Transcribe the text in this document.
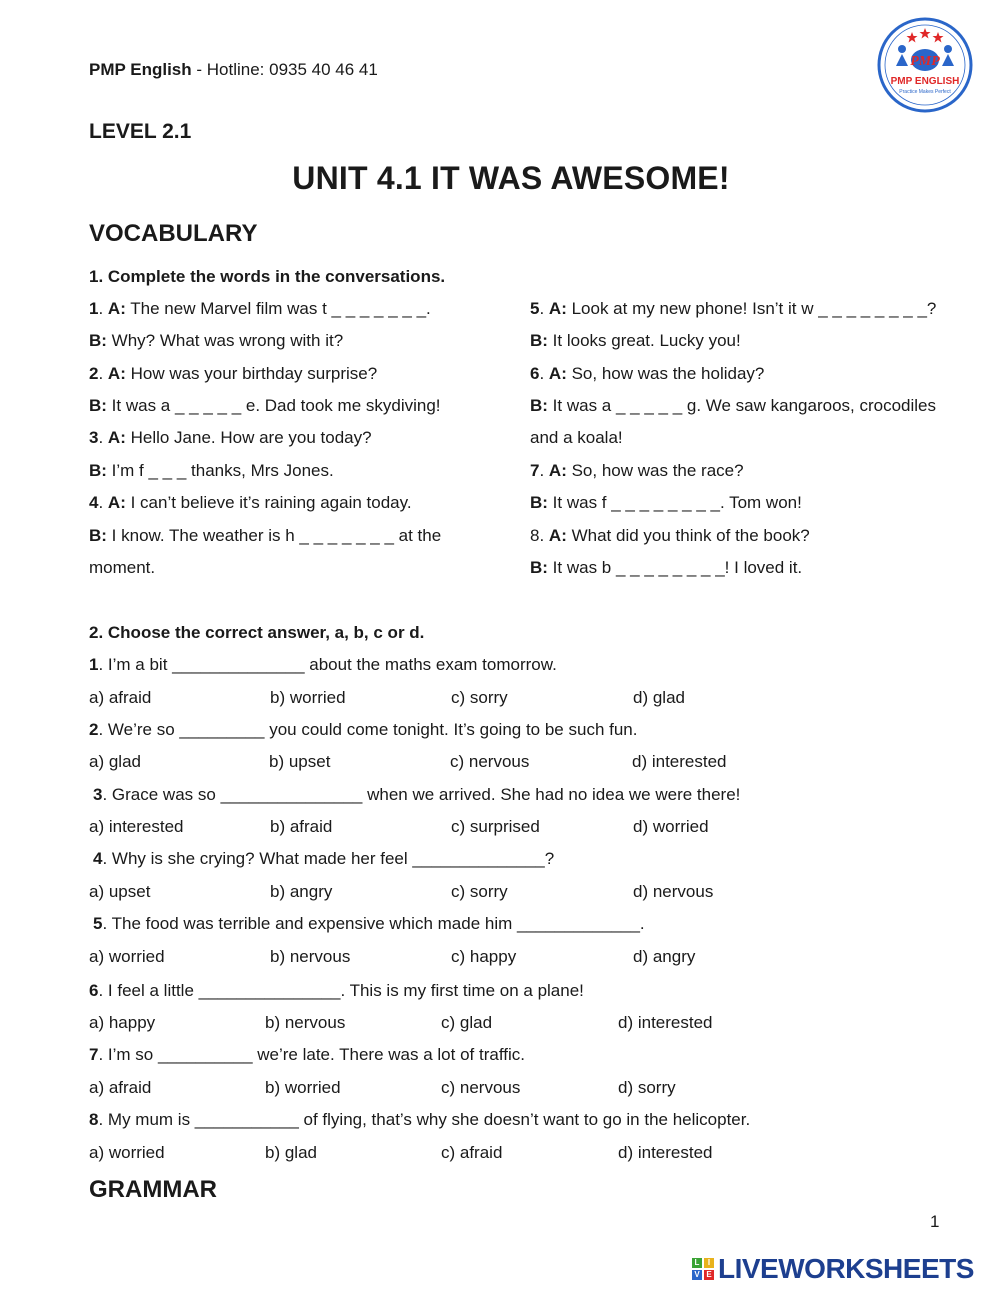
PMP English - Hotline: 0935 40 46 41	PMP
PMP ENGLISH
Practice Makes Perfect
LEVEL 2.1
UNIT 4.1 IT WAS AWESOME!
VOCABULARY
1. Complete the words in the conversations.
1. A: The new Marvel film was t _ _ _ _ _ _ _.
B: Why? What was wrong with it?
2. A: How was your birthday surprise?
B: It was a _ _ _ _ _ e. Dad took me skydiving!
3. A: Hello Jane. How are you today?
B: I’m f _ _ _ thanks, Mrs Jones.
4. A: I can’t believe it’s raining again today.
B: I know. The weather is h _ _ _ _ _ _ _ at the
moment.
5. A: Look at my new phone! Isn’t it w _ _ _ _ _ _ _ _?
B: It looks great. Lucky you!
6. A: So, how was the holiday?
B: It was a _ _ _ _ _ g. We saw kangaroos, crocodiles
and a koala!
7. A: So, how was the race?
B: It was f _ _ _ _ _ _ _ _. Tom won!
8. A: What did you think of the book?
B: It was b _ _ _ _ _ _ _ _! I loved it.
2. Choose the correct answer, a, b, c or d.
1. I’m a bit ______________ about the maths exam tomorrow.
a) afraid	b) worried	c) sorry	d) glad
2. We’re so _________ you could come tonight. It’s going to be such fun.
a) glad	b) upset	c) nervous	d) interested
3. Grace was so _______________ when we arrived. She had no idea we were there!
a) interested	b) afraid	c) surprised	d) worried
4. Why is she crying? What made her feel ______________?
a) upset	b) angry	c) sorry	d) nervous
5. The food was terrible and expensive which made him _____________.
a) worried	b) nervous	c) happy	d) angry
6. I feel a little _______________. This is my first time on a plane!
a) happy	b) nervous	c) glad	d) interested
7. I’m so __________ we’re late. There was a lot of traffic.
a) afraid	b) worried	c) nervous	d) sorry
8. My mum is ___________ of flying, that’s why she doesn’t want to go in the helicopter.
a) worried	b) glad	c) afraid	d) interested
GRAMMAR
1
L	I
V E LIVEWORKSHEETS
